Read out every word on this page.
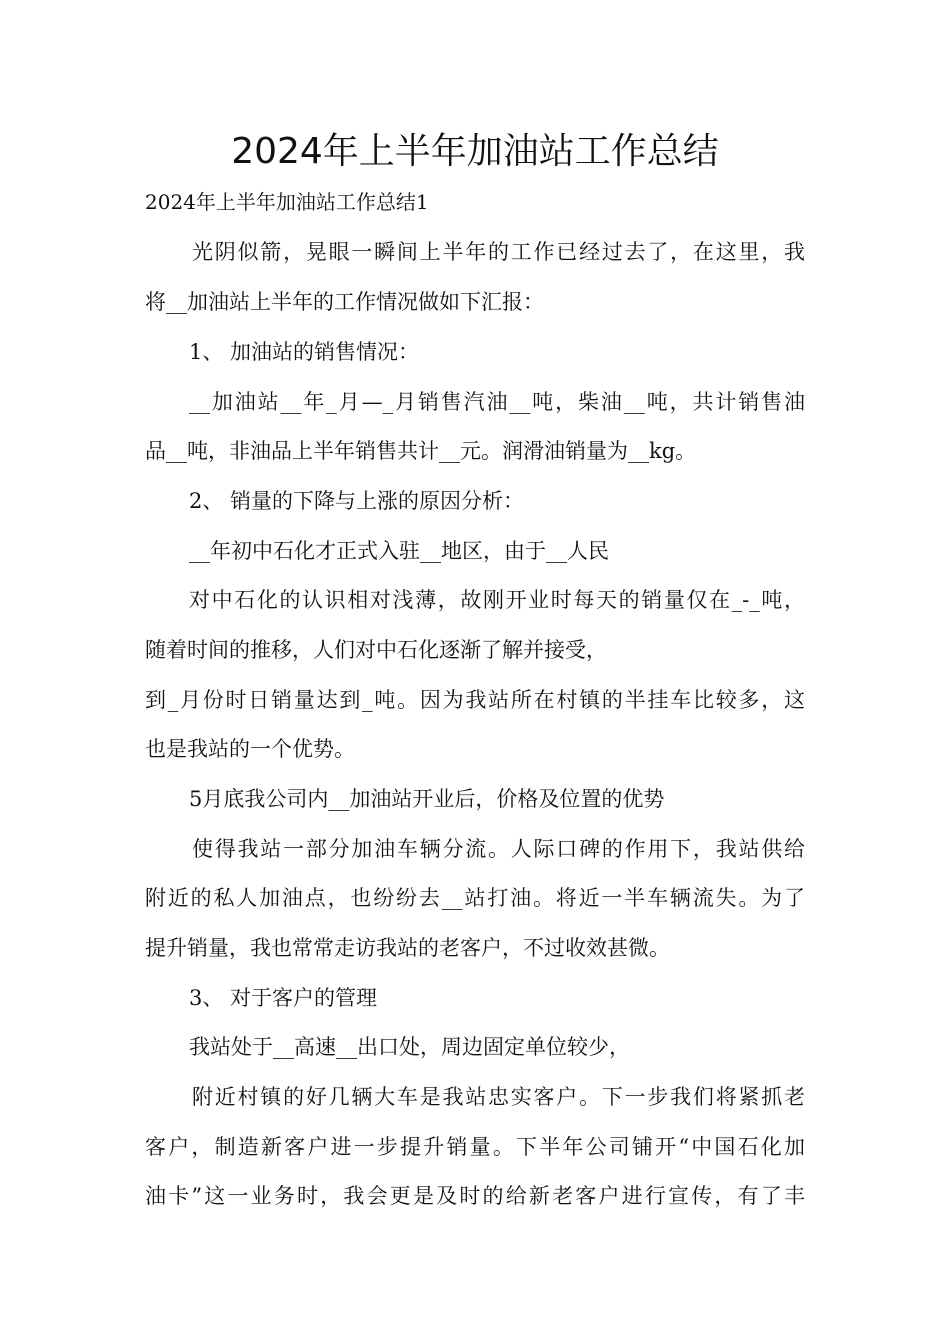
2024年上半年加油站工作总结
2024年上半年加油站工作总结1
光阴似箭，晃眼一瞬间上半年的工作已经过去了，在这里，我
将__加油站上半年的工作情况做如下汇报：
1、 加油站的销售情况：
__加油站__年_月—_月销售汽油__吨，柴油__吨，共计销售油
品__吨，非油品上半年销售共计__元。润滑油销量为__kg。
2、 销量的下降与上涨的原因分析：
__年初中石化才正式入驻__地区，由于__人民
对中石化的认识相对浅薄，故刚开业时每天的销量仅在_-_吨，
随着时间的推移，人们对中石化逐渐了解并接受，
到_月份时日销量达到_吨。因为我站所在村镇的半挂车比较多，这
也是我站的一个优势。
5月底我公司内__加油站开业后，价格及位置的优势
使得我站一部分加油车辆分流。人际口碑的作用下，我站供给
附近的私人加油点，也纷纷去__站打油。将近一半车辆流失。为了
提升销量，我也常常走访我站的老客户，不过收效甚微。
3、 对于客户的管理
我站处于__高速__出口处，周边固定单位较少，
附近村镇的好几辆大车是我站忠实客户。下一步我们将紧抓老
客户，制造新客户进一步提升销量。下半年公司铺开“中国石化加
油卡”这一业务时，我会更是及时的给新老客户进行宣传，有了丰
